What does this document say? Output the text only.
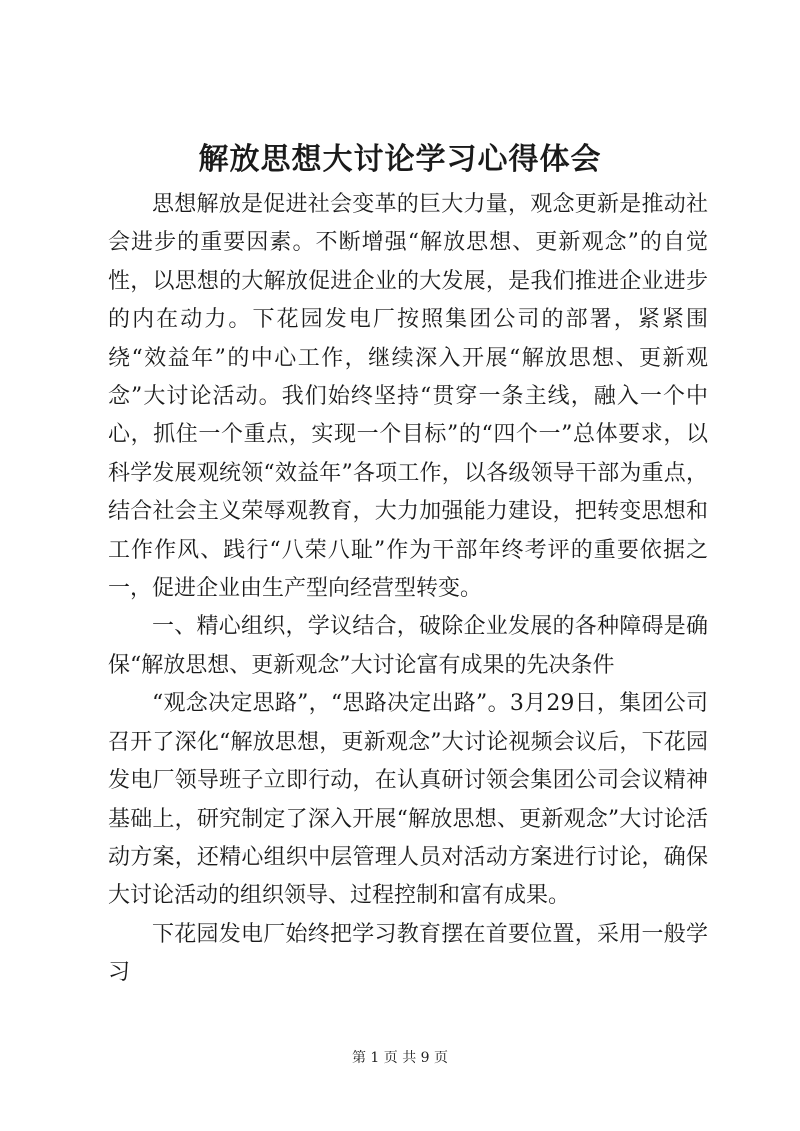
解放思想大讨论学习心得体会

思想解放是促进社会变革的巨大力量，观念更新是推动社会进步的重要因素。不断增强“解放思想、更新观念”的自觉性，以思想的大解放促进企业的大发展，是我们推进企业进步的内在动力。下花园发电厂按照集团公司的部署，紧紧围绕“效益年”的中心工作，继续深入开展“解放思想、更新观念”大讨论活动。我们始终坚持“贯穿一条主线，融入一个中心，抓住一个重点，实现一个目标”的“四个一”总体要求，以科学发展观统领“效益年”各项工作，以各级领导干部为重点，结合社会主义荣辱观教育，大力加强能力建设，把转变思想和工作作风、践行“八荣八耻”作为干部年终考评的重要依据之一，促进企业由生产型向经营型转变。

一、精心组织，学议结合，破除企业发展的各种障碍是确保“解放思想、更新观念”大讨论富有成果的先决条件

“观念决定思路”，“思路决定出路”。3月29日，集团公司召开了深化“解放思想，更新观念”大讨论视频会议后，下花园发电厂领导班子立即行动，在认真研讨领会集团公司会议精神基础上，研究制定了深入开展“解放思想、更新观念”大讨论活动方案，还精心组织中层管理人员对活动方案进行讨论，确保大讨论活动的组织领导、过程控制和富有成果。

下花园发电厂始终把学习教育摆在首要位置，采用一般学习

第 1 页 共 9 页
